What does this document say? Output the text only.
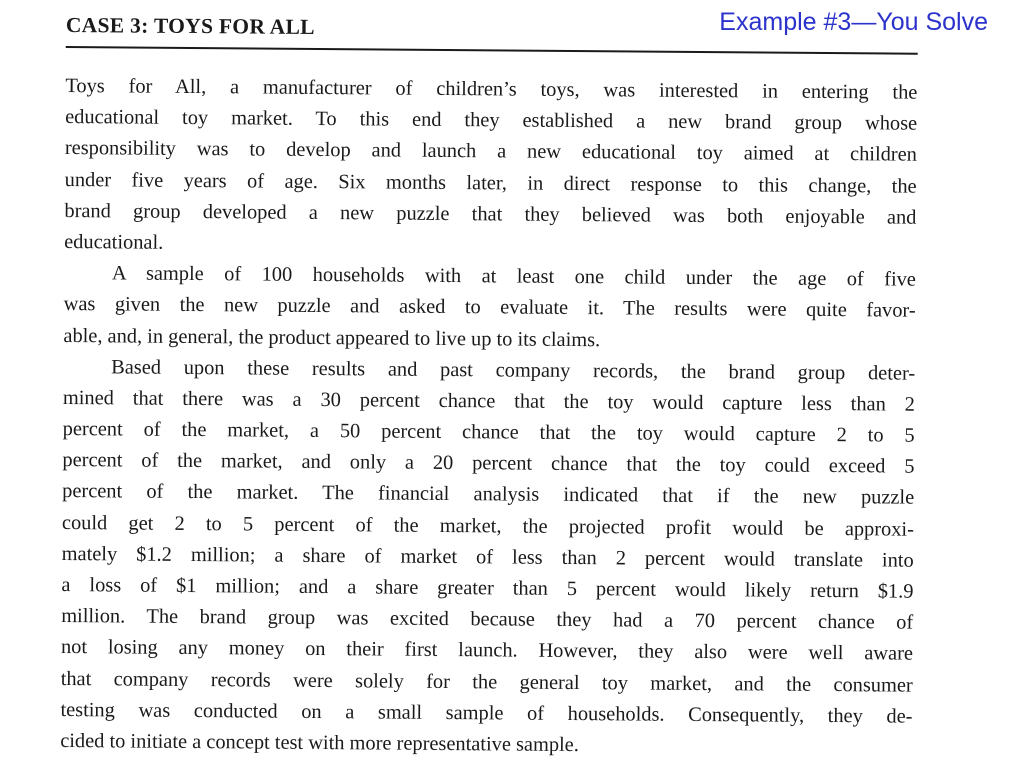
Example #3—You Solve
CASE 3: TOYS FOR ALL
Toys for All, a manufacturer of children’s toys, was interested in entering the
educational toy market. To this end they established a new brand group whose
responsibility was to develop and launch a new educational toy aimed at children
under five years of age. Six months later, in direct response to this change, the
brand group developed a new puzzle that they believed was both enjoyable and
educational.
A sample of 100 households with at least one child under the age of five
was given the new puzzle and asked to evaluate it. The results were quite favor-
able, and, in general, the product appeared to live up to its claims.
Based upon these results and past company records, the brand group deter-
mined that there was a 30 percent chance that the toy would capture less than 2
percent of the market, a 50 percent chance that the toy would capture 2 to 5
percent of the market, and only a 20 percent chance that the toy could exceed 5
percent of the market. The financial analysis indicated that if the new puzzle
could get 2 to 5 percent of the market, the projected profit would be approxi-
mately $1.2 million; a share of market of less than 2 percent would translate into
a loss of $1 million; and a share greater than 5 percent would likely return $1.9
million. The brand group was excited because they had a 70 percent chance of
not losing any money on their first launch. However, they also were well aware
that company records were solely for the general toy market, and the consumer
testing was conducted on a small sample of households. Consequently, they de-
cided to initiate a concept test with more representative sample.
